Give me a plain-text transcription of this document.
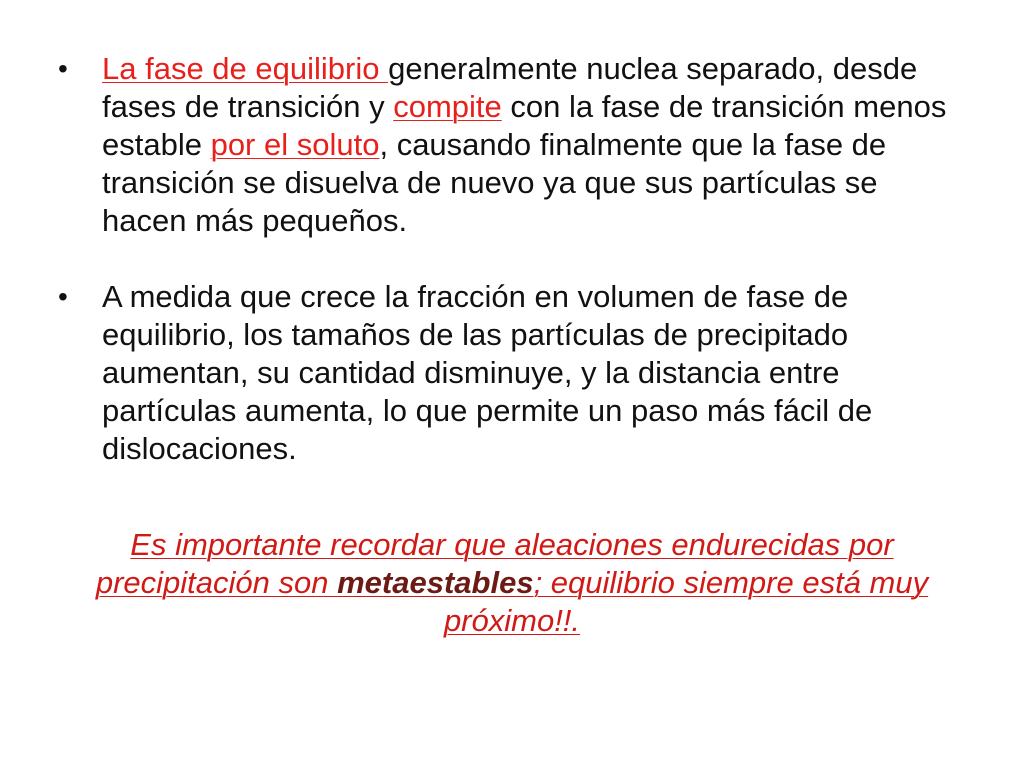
• La fase de equilibrio generalmente nuclea separado, desde fases de transición y compite con la fase de transición menos estable por el soluto, causando finalmente que la fase de transición se disuelva de nuevo ya que sus partículas se hacen más pequeños.
• A medida que crece la fracción en volumen de fase de equilibrio, los tamaños de las partículas de precipitado aumentan, su cantidad disminuye, y la distancia entre partículas aumenta, lo que permite un paso más fácil de dislocaciones.
Es importante recordar que aleaciones endurecidas por precipitación son metaestables; equilibrio siempre está muy próximo!!.
